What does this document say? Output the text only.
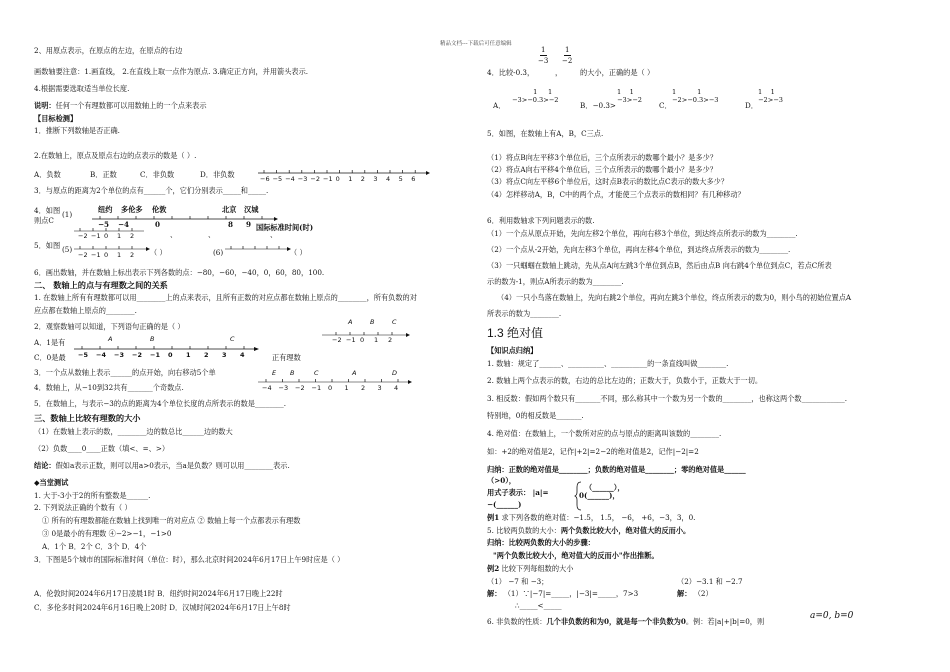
精品文档---下载后可任意编辑
2、用原点表示，在原点的左边，在原点的右边
画数轴要注意：1.画直线， 2.在直线上取一点作为原点. 3.确定正方向，并用箭头表示.
4.根据需要选取适当单位长度.
说明：任何一个有理数都可以用数轴上的一个点来表示
【目标检测】
1．推断下列数轴是否正确.
2.在数轴上，原点及原点右边的点表示的数是（ ）.
A．负数	B．正数	C．非负数	D．非负数
3．与原点的距离为2个单位的点有______个，它们分别表示_____和_____.
−6 −5 −4 −3 −2 −1 0 1 2 3 4 5 6
4．如图
则点C
(1)
纽约 多伦多 伦敦	北京 汉城
−5 −4	0	8 9 国际标准时间(时)
−2 −1 0 1 2	、	、	、
5．如图 (5)
−2 −1 0 1 2 （ ）	(6)	（ ）
6．画出数轴，并在数轴上标出表示下列各数的点：−80，−60，−40，0，60，80，100.
二、 数轴上的点与有理数之间的关系
1. 在数轴上所有有理数都可以用________上的点来表示，且所有正数的对应点都在数轴上原点的________，所有负数的对
应点都在数轴上原点的________.
2．观察数轴可以知道，下列语句正确的是（ ）	A	B	C
−2 −1 0 1 2
A．1是有
C．0是最
A	B	C
−5 −4 −3 −2 −1 0 1 2 3 4	正有理数
3．一个点从数轴上表示______的点开始，向右移动5个单	E B	C	A	D
−4 −3 −2 −1 0 1 2 3 4
4．数轴上，从−10到32共有_______个奇数点.
5．在数轴上，与表示−3的点的距离为4个单位长度的点所表示的数是________.
三、数轴上比较有理数的大小
（1）在数轴上表示的数，________边的数总比______边的数大
（2）负数____0____正数（填<、=、>）
结论：假如a表示正数，则可以用a>0表示，当a是负数？则可以用________表示.
◆当堂测试
1. 大于-3小于2的所有整数是______.
2. 下列说法正确的个数有（ ）
① 所有的有理数都能在数轴上找到唯一的对应点 ② 数轴上每一个点都表示有理数
③ 0是最小的有理数 ④−2>−1，−1>0
A．1个 B．2个 C．3个 D．4个
3．下图是5个城市的国际标准时间（单位：时），那么北京时间2024年6月17日上午9时应是（ ）
A．伦敦时间2024年6月17日凌晨1时 B．纽约时间2024年6月17日晚上22时
C．多伦多时间2024年6月16日晚上20时 D．汉城时间2024年6月17日上午8时
4．比较-0.3，
1
−3
，
1
−2
的大小，正确的是（ ）
A．
1
−3>−0.3>−2

1
B．−0.3>
1    1
−3>−2
C．
1          1
−2>−0.3>−3
D．
1    1
−2>−3
5．如图，在数轴上有A，B，C三点.
（1）将点B向左平移3个单位后，三个点所表示的数哪个最小？是多少？
（2）将点A向右平移4个单位后，三个点所表示的数哪个最小？是多少？
（3）将点C向左平移6个单位后，这时点B表示的数比点C表示的数大多少？
（4）怎样移动A，B，C中的两个点，才能使三个点表示的数相同？有几种移动？
6．利用数轴求下列问题表示的数.
（1）一个点从原点开始，先向左移2个单位，再向右移3个单位，到达终点所表示的数为________.
（2）一个点从-2开始，先向左移3个单位，再向左移4个单位，到达终点所表示的数为________.
（3）一只蝈蝈在数轴上跳动，先从点A向左跳3个单位到点B，然后由点B 向右跳4个单位到点C，若点C所表
示的数为-1，则点A所表示的数为________.
（4）一只小鸟落在数轴上，先向右跳2个单位，再向左跳3个单位，终点所表示的数为0，则小鸟的初始位置点A
所表示的数为________.
1.3 绝对值
【知识点归纳】
1. 数轴：规定了______、__________、__________的一条直线叫做________.
2. 数轴上两个点表示的数，右边的总比左边的；正数大于，负数小于，正数大于一切。
3. 相反数：假如两个数只有_______不同，那么称其中一个数为另一个数的________，也称这两个数____________.
特别地，0的相反数是_______.
4. 绝对值：在数轴上，一个数所对应的点与原点的距离叫该数的________.
如：+2的绝对值是2，记作|+2|=2−2的绝对值是2，记作|−2|=2
归纳：正数的绝对值是________；负数的绝对值是________；零的绝对值是______
（>0），
用式子表示： |a|=
（______），
0(______)，
−(______)
例1 求下列各数的绝对值：−1.5， 1.5， −6， +6，−3，3，0.
5. 比较两负数的大小：两个负数比较大小，绝对值大的反而小。
归纳：比较两负数的大小的步骤：
"两个负数比较大小，绝对值大的反而小"作出推断。
例2 比较下列每组数的大小
（1） −7 和 −3；	（2）−3.1 和 −2.7
解： （1）∵|−7|=_____，|−3|=_____，7>3
∴_____<_____
解： （2）
6. 非负数的性质：几个非负数的和为0，就是每一个非负数为0。例：若|a|+|b|=0，则
a=0, b=0
